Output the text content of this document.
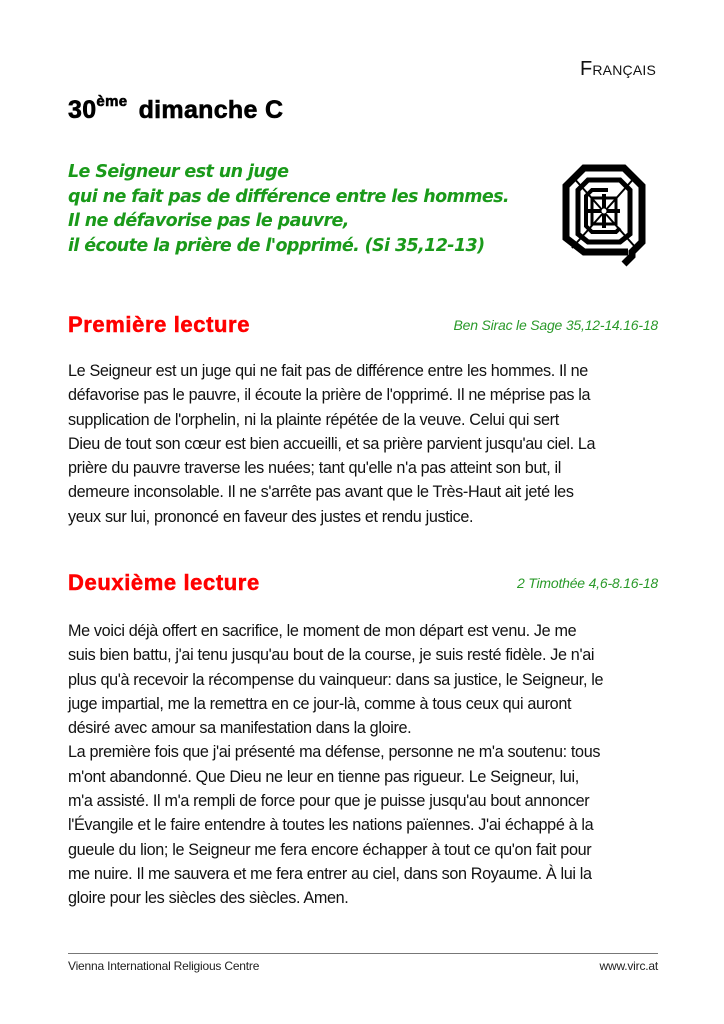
Français
30ème dimanche C
Le Seigneur est un juge
qui ne fait pas de différence entre les hommes.
Il ne défavorise pas le pauvre,
il écoute la prière de l'opprimé. (Si 35,12-13)
Première lecture	Ben Sirac le Sage 35,12-14.16-18
Le Seigneur est un juge qui ne fait pas de différence entre les hommes. Il ne
défavorise pas le pauvre, il écoute la prière de l'opprimé. Il ne méprise pas la
supplication de l'orphelin, ni la plainte répétée de la veuve. Celui qui sert
Dieu de tout son cœur est bien accueilli, et sa prière parvient jusqu'au ciel. La
prière du pauvre traverse les nuées; tant qu'elle n'a pas atteint son but, il
demeure inconsolable. Il ne s'arrête pas avant que le Très-Haut ait jeté les
yeux sur lui, prononcé en faveur des justes et rendu justice.
Deuxième lecture	2 Timothée 4,6-8.16-18
Me voici déjà offert en sacrifice, le moment de mon départ est venu. Je me
suis bien battu, j'ai tenu jusqu'au bout de la course, je suis resté fidèle. Je n'ai
plus qu'à recevoir la récompense du vainqueur: dans sa justice, le Seigneur, le
juge impartial, me la remettra en ce jour-là, comme à tous ceux qui auront
désiré avec amour sa manifestation dans la gloire.
La première fois que j'ai présenté ma défense, personne ne m'a soutenu: tous
m'ont abandonné. Que Dieu ne leur en tienne pas rigueur. Le Seigneur, lui,
m'a assisté. Il m'a rempli de force pour que je puisse jusqu'au bout annoncer
l'Évangile et le faire entendre à toutes les nations païennes. J'ai échappé à la
gueule du lion; le Seigneur me fera encore échapper à tout ce qu'on fait pour
me nuire. Il me sauvera et me fera entrer au ciel, dans son Royaume. À lui la
gloire pour les siècles des siècles. Amen.
Vienna International Religious Centre	www.virc.at
